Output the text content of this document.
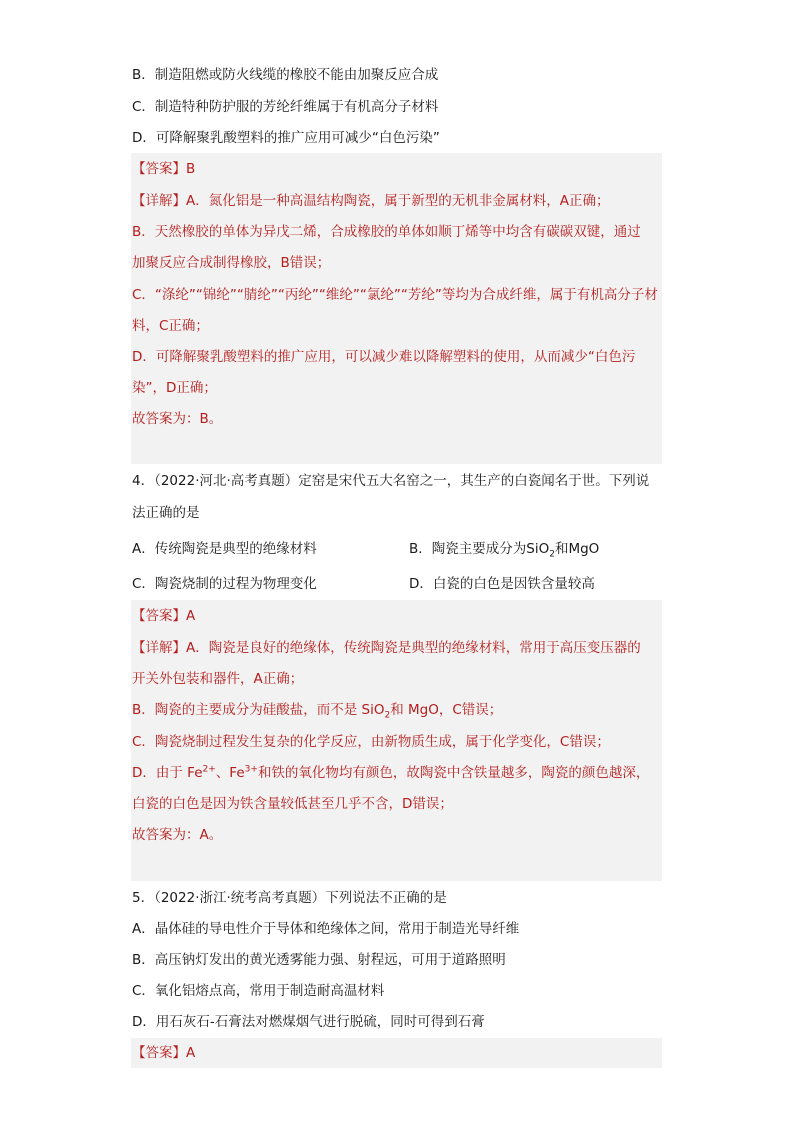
B．制造阻燃或防火线缆的橡胶不能由加聚反应合成
C．制造特种防护服的芳纶纤维属于有机高分子材料
D．可降解聚乳酸塑料的推广应用可减少“白色污染”
【答案】B
【详解】A．氮化铝是一种高温结构陶瓷，属于新型的无机非金属材料，A正确；
B．天然橡胶的单体为异戊二烯，合成橡胶的单体如顺丁烯等中均含有碳碳双键，通过
加聚反应合成制得橡胶，B错误；
C．“涤纶”“锦纶”“腈纶”“丙纶”“维纶”“氯纶”“芳纶”等均为合成纤维，属于有机高分子材
料，C正确；
D．可降解聚乳酸塑料的推广应用，可以减少难以降解塑料的使用，从而减少“白色污
染”，D正确；
故答案为：B。
4．（2022·河北·高考真题）定窑是宋代五大名窑之一，其生产的白瓷闻名于世。下列说
法正确的是
A．传统陶瓷是典型的绝缘材料	B．陶瓷主要成分为SiO$_2$和MgO
C．陶瓷烧制的过程为物理变化	D．白瓷的白色是因铁含量较高
【答案】A
【详解】A．陶瓷是良好的绝缘体，传统陶瓷是典型的绝缘材料，常用于高压变压器的
开关外包装和器件，A正确；
B．陶瓷的主要成分为硅酸盐，而不是 SiO$_2$和 MgO，C错误；
C．陶瓷烧制过程发生复杂的化学反应，由新物质生成，属于化学变化，C错误；
D．由于 $Fe^{2+}$、$Fe^{3+}$和铁的氧化物均有颜色，故陶瓷中含铁量越多，陶瓷的颜色越深，
白瓷的白色是因为铁含量较低甚至几乎不含，D错误；
故答案为：A。
5．（2022·浙江·统考高考真题）下列说法不正确的是
A．晶体硅的导电性介于导体和绝缘体之间，常用于制造光导纤维
B．高压钠灯发出的黄光透雾能力强、射程远，可用于道路照明
C．氧化铝熔点高，常用于制造耐高温材料
D．用石灰石-石膏法对燃煤烟气进行脱硫，同时可得到石膏
【答案】A
